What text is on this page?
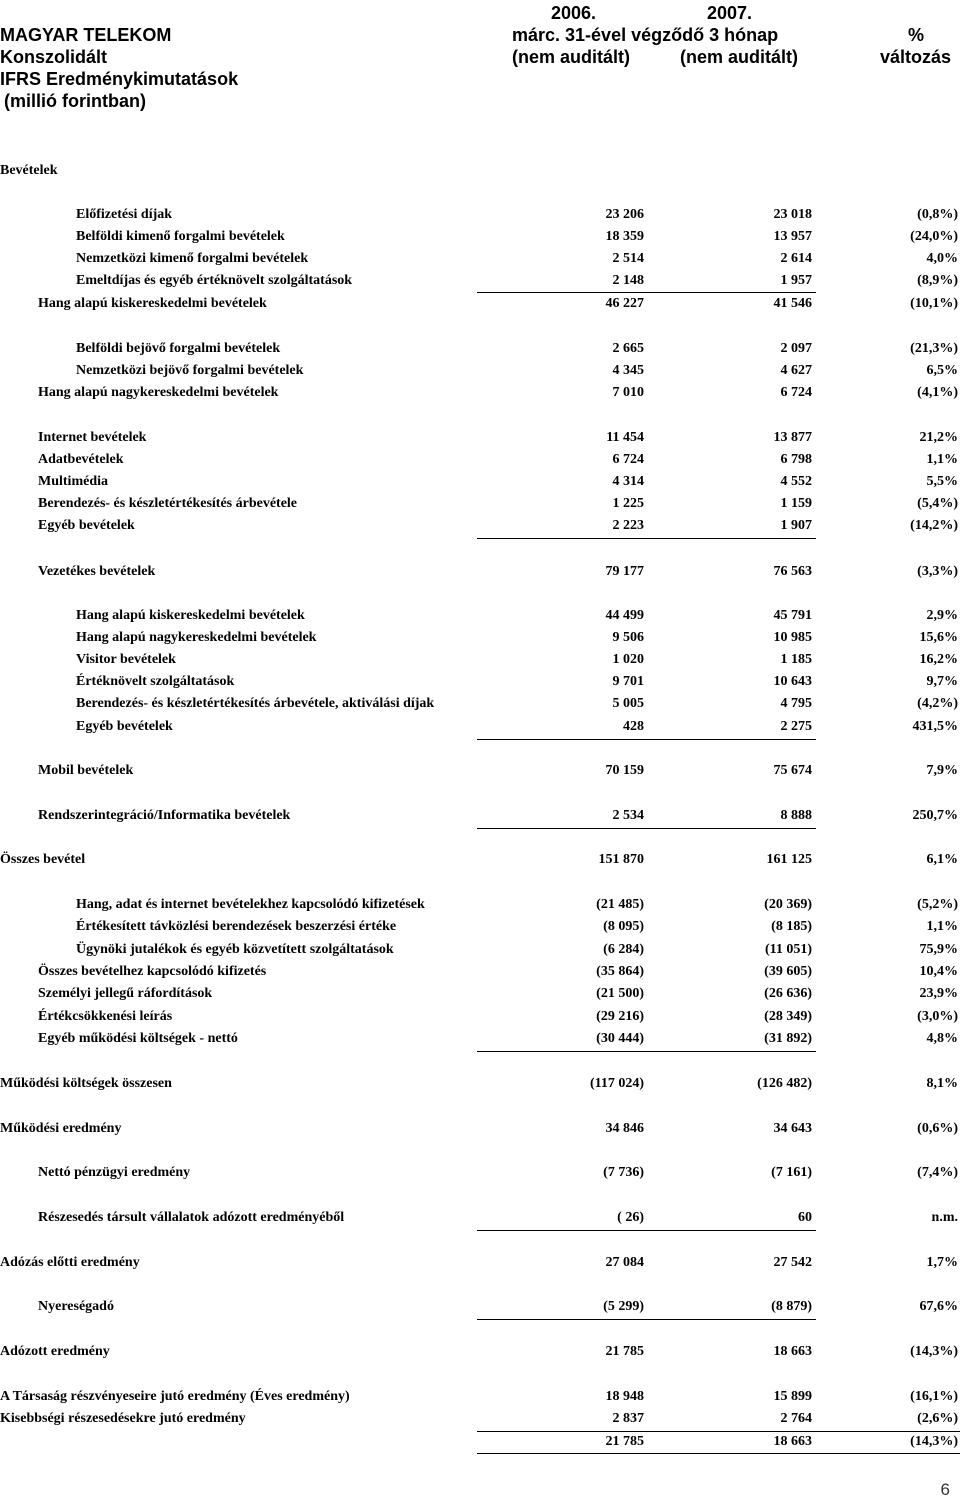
MAGYAR TELEKOM
Konszolidált
IFRS Eredménykimutatások
(millió forintban)
2006.	2007.
márc. 31-ével végződő 3 hónap
(nem auditált)	(nem auditált)
%
változás
Bevételek
Előfizetési díjak	23 206	23 018	(0,8%)
Belföldi kimenő forgalmi bevételek	18 359	13 957	(24,0%)
Nemzetközi kimenő forgalmi bevételek	2 514	2 614	4,0%
Emeltdíjas és egyéb értéknövelt szolgáltatások	2 148	1 957	(8,9%)
Hang alapú kiskereskedelmi bevételek	46 227	41 546	(10,1%)
Belföldi bejövő forgalmi bevételek	2 665	2 097	(21,3%)
Nemzetközi bejövő forgalmi bevételek	4 345	4 627	6,5%
Hang alapú nagykereskedelmi bevételek	7 010	6 724	(4,1%)
Internet bevételek	11 454	13 877	21,2%
Adatbevételek	6 724	6 798	1,1%
Multimédia	4 314	4 552	5,5%
Berendezés- és készletértékesítés árbevétele	1 225	1 159	(5,4%)
Egyéb bevételek	2 223	1 907	(14,2%)
Vezetékes bevételek	79 177	76 563	(3,3%)
Hang alapú kiskereskedelmi bevételek	44 499	45 791	2,9%
Hang alapú nagykereskedelmi bevételek	9 506	10 985	15,6%
Visitor bevételek	1 020	1 185	16,2%
Értéknövelt szolgáltatások	9 701	10 643	9,7%
Berendezés- és készletértékesítés árbevétele, aktiválási díjak	5 005	4 795	(4,2%)
Egyéb bevételek	428	2 275	431,5%
Mobil bevételek	70 159	75 674	7,9%
Rendszerintegráció/Informatika bevételek	2 534	8 888	250,7%
Összes bevétel	151 870	161 125	6,1%
Hang, adat és internet bevételekhez kapcsolódó kifizetések	(21 485)	(20 369)	(5,2%)
Értékesített távközlési berendezések beszerzési értéke	(8 095)	(8 185)	1,1%
Ügynöki jutalékok és egyéb közvetített szolgáltatások	(6 284)	(11 051)	75,9%
Összes bevételhez kapcsolódó kifizetés	(35 864)	(39 605)	10,4%
Személyi jellegű ráfordítások	(21 500)	(26 636)	23,9%
Értékcsökkenési leírás	(29 216)	(28 349)	(3,0%)
Egyéb működési költségek - nettó	(30 444)	(31 892)	4,8%
Működési költségek összesen	(117 024)	(126 482)	8,1%
Működési eredmény	34 846	34 643	(0,6%)
Nettó pénzügyi eredmény	(7 736)	(7 161)	(7,4%)
Részesedés társult vállalatok adózott eredményéből	( 26)	60	n.m.
Adózás előtti eredmény	27 084	27 542	1,7%
Nyereségadó	(5 299)	(8 879)	67,6%
Adózott eredmény	21 785	18 663	(14,3%)
A Társaság részvényeseire jutó eredmény (Éves eredmény)	18 948	15 899	(16,1%)
Kisebbségi részesedésekre jutó eredmény	2 837	2 764	(2,6%)
21 785	18 663	(14,3%)
6
